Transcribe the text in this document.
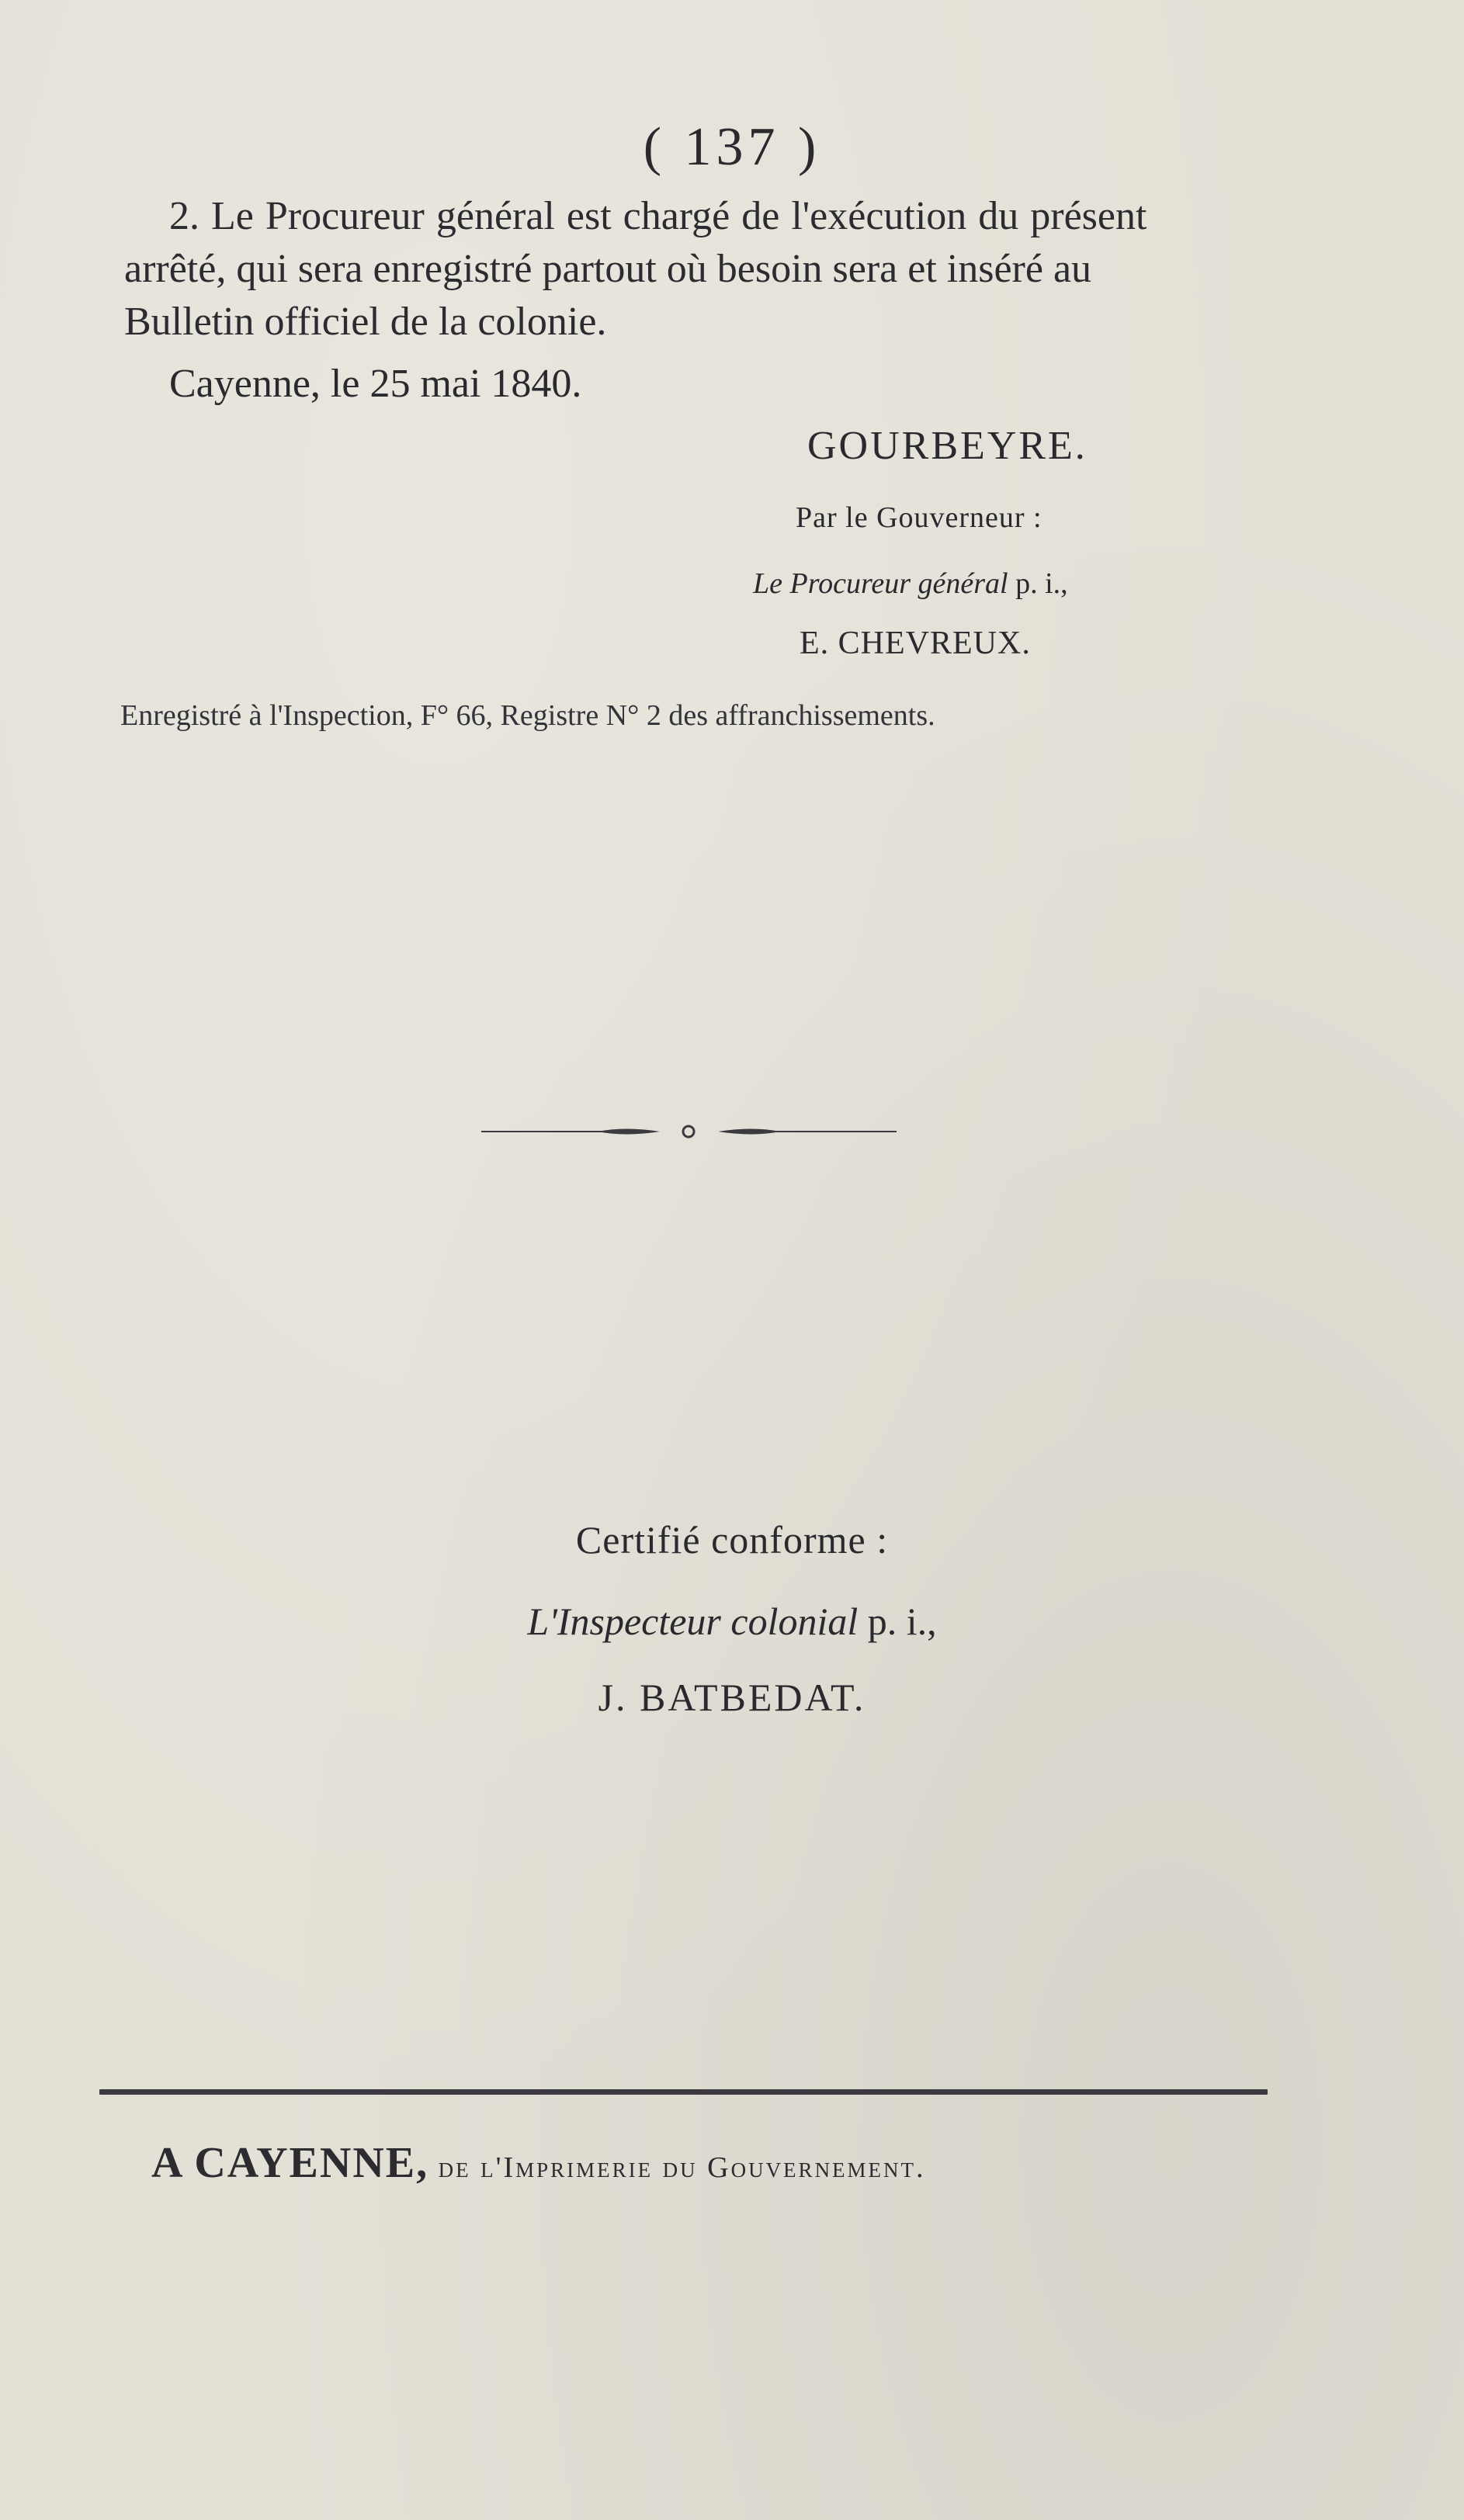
( 137 )
2. Le Procureur général est chargé de l'exécution du présent
arrêté, qui sera enregistré partout où besoin sera et inséré au
Bulletin officiel de la colonie.
Cayenne, le 25 mai 1840.
GOURBEYRE.
Par le Gouverneur :
Le Procureur général p. i.,
E. CHEVREUX.
Enregistré à l'Inspection, F° 66, Registre N° 2 des affranchissements.
Certifié conforme :
L'Inspecteur colonial p. i.,
J. BATBEDAT.
A CAYENNE, de l'Imprimerie du Gouvernement.
